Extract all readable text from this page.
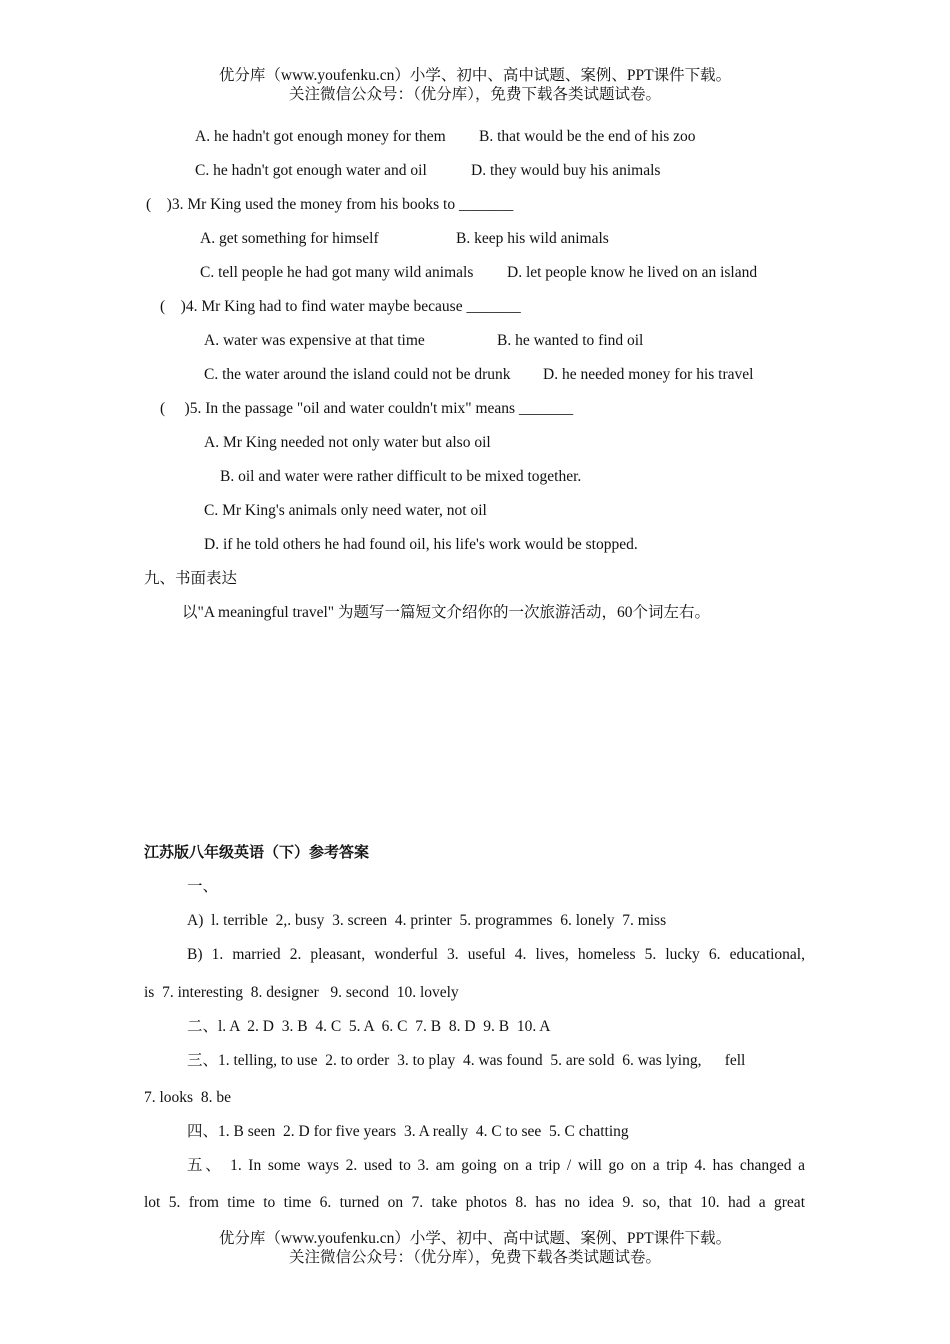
优分库（www.youfenku.cn）小学、初中、高中试题、案例、PPT课件下载。
关注微信公众号：（优分库），免费下载各类试题试卷。
A. he hadn't got enough money for them B. that would be the end of his zoo
C. he hadn't got enough water and oil	D. they would buy his animals
(    )3. Mr King used the money from his books to _______
A. get something for himself	B. keep his wild animals
C. tell people he had got many wild animals D. let people know he lived on an island
(    )4. Mr King had to find water maybe because _______
A. water was expensive at that time	B. he wanted to find oil
C. the water around the island could not be drunk D. he needed money for his travel
(     )5. In the passage "oil and water couldn't mix" means _______
A. Mr King needed not only water but also oil
B. oil and water were rather difficult to be mixed together.
C. Mr King's animals only need water, not oil
D. if he told others he had found oil, his life's work would be stopped.
九、书面表达
以"A meaningful travel" 为题写一篇短文介绍你的一次旅游活动，60个词左右。
江苏版八年级英语（下）参考答案
一、
A)  l. terrible  2,. busy  3. screen  4. printer  5. programmes  6. lonely  7. miss
B) 1. married 2. pleasant, wonderful 3. useful 4. lives, homeless 5. lucky 6. educational,
is  7. interesting  8. designer   9. second  10. lovely
二、l. A  2. D  3. B  4. C  5. A  6. C  7. B  8. D  9. B  10. A
三、1. telling, to use  2. to order  3. to play  4. was found  5. are sold  6. was lying,      fell
7. looks  8. be
四、1. B seen  2. D for five years  3. A really  4. C to see  5. C chatting
五、 1. In some ways 2. used to 3. am going on a trip / will go on a trip 4. has changed a
lot 5. from time to time 6. turned on 7. take photos 8. has no idea 9. so, that 10. had a great
优分库（www.youfenku.cn）小学、初中、高中试题、案例、PPT课件下载。
关注微信公众号：（优分库），免费下载各类试题试卷。
